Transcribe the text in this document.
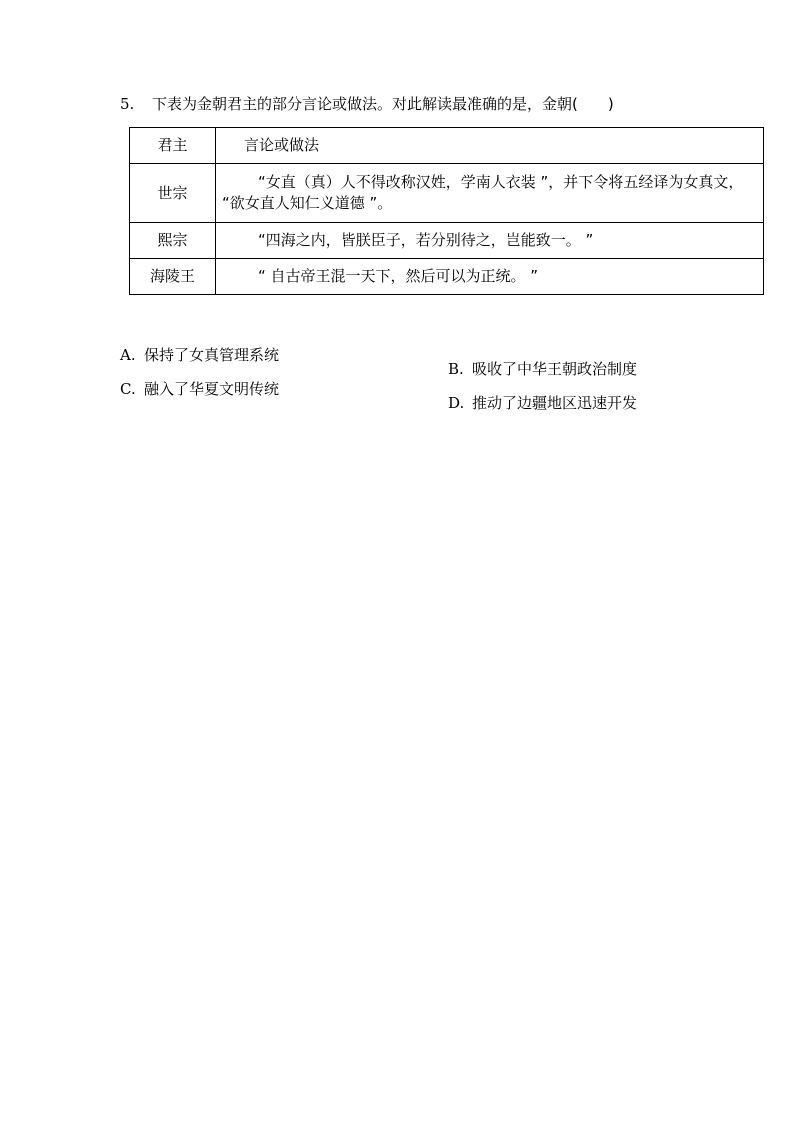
5. 下表为金朝君主的部分言论或做法。对此解读最准确的是，金朝(　　)
君主	言论或做法
世宗	“女直（真）人不得改称汉姓，学南人衣装 ”，并下令将五经译为女真文，
“欲女直人知仁义道德 ”。

熙宗	“四海之内，皆朕臣子，若分别待之，岂能致一。 ”
海陵王	“ 自古帝王混一天下，然后可以为正统。 ”
A. 保持了女真管理系统
C. 融入了华夏文明传统
B. 吸收了中华王朝政治制度
D. 推动了边疆地区迅速开发
